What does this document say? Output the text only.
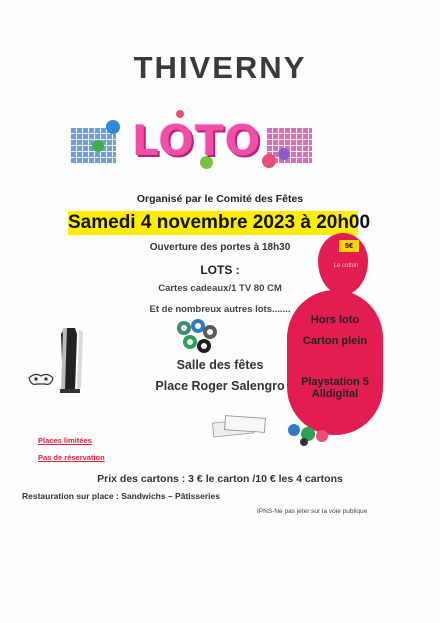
THIVERNY
LOTO
Organisé par le Comité des Fêtes
Samedi 4 novembre 2023 à 20h00
Ouverture des portes à 18h30
LOTS :
Cartes cadeaux/1 TV 80 CM
Et de nombreux autres lots.......
Salle des fêtes
Place Roger Salengro
5€
Le cotton
Hors loto
Carton plein
Playstation 5 Alldigital
Places limitées
Pas de réservation
Prix des cartons : 3 € le carton /10 € les 4 cartons
Restauration sur place : Sandwichs – Pâtisseries
IPNS-Ne pas jeter sur la voie publique
